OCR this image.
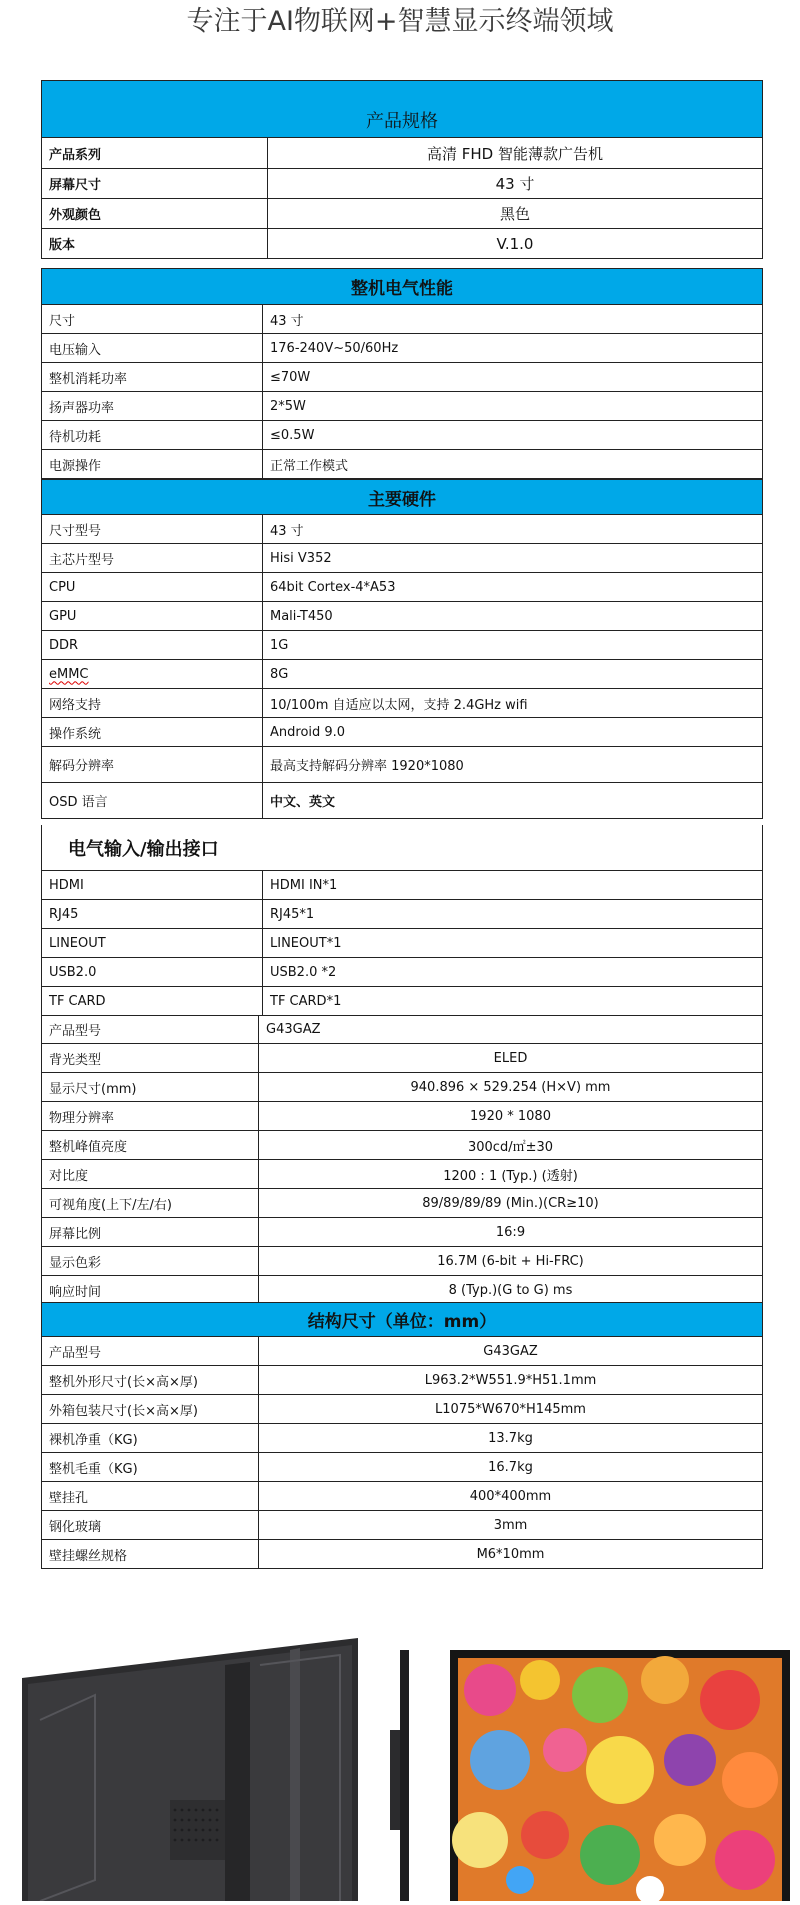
专注于AI物联网+智慧显示终端领域
产品规格
产品系列	高清 FHD 智能薄款广告机
屏幕尺寸	43 寸
外观颜色	黑色
版本	V.1.0
整机电气性能
尺寸	43 寸
电压输入	176-240V~50/60Hz
整机消耗功率	≤70W
扬声器功率	2*5W
待机功耗	≤0.5W
电源操作	正常工作模式
主要硬件
尺寸型号	43 寸
主芯片型号	Hisi V352
CPU	64bit Cortex-4*A53
GPU	Mali-T450
DDR	1G
eMMC	8G
网络支持	10/100m 自适应以太网，支持 2.4GHz wifi
操作系统	Android 9.0
解码分辨率	最高支持解码分辨率 1920*1080
OSD 语言	中文、英文
电气输入/输出接口
HDMI	HDMI IN*1
RJ45	RJ45*1
LINEOUT	LINEOUT*1
USB2.0	USB2.0 *2
TF CARD	TF CARD*1
产品型号	G43GAZ
背光类型	ELED
显示尺寸(mm)	940.896 × 529.254 (H×V) mm
物理分辨率	1920 * 1080
整机峰值亮度	300cd/㎡±30
对比度	1200 : 1 (Typ.) (透射)
可视角度(上下/左/右)	89/89/89/89 (Min.)(CR≥10)
屏幕比例	16:9
显示色彩	16.7M (6-bit + Hi-FRC)
响应时间	8 (Typ.)(G to G) ms
结构尺寸（单位：mm）
产品型号	G43GAZ
整机外形尺寸(长×高×厚)	L963.2*W551.9*H51.1mm
外箱包装尺寸(长×高×厚)	L1075*W670*H145mm
裸机净重（KG)	13.7kg
整机毛重（KG)	16.7kg
壁挂孔	400*400mm
钢化玻璃	3mm
壁挂螺丝规格	M6*10mm
